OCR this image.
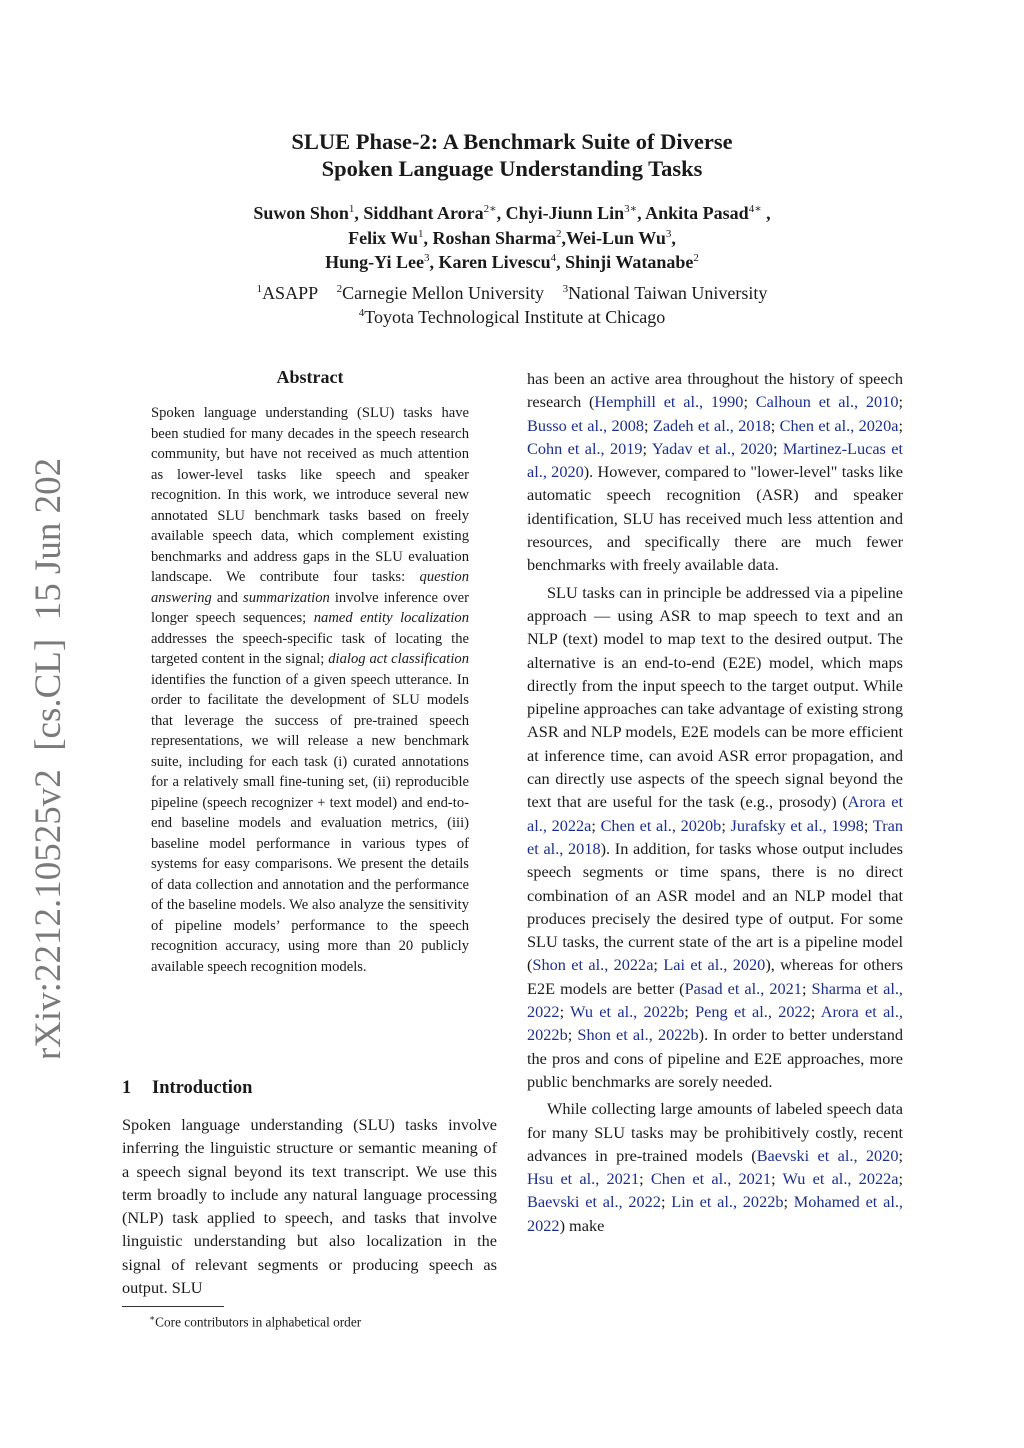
arXiv:2212.10525v2  [cs.CL]  15 Jun 2023
SLUE Phase-2: A Benchmark Suite of Diverse
Spoken Language Understanding Tasks
Suwon Shon$^1$, Siddhant Arora$^{2∗}$, Chyi-Jiunn Lin$^{3∗}$, Ankita Pasad$^{4∗}$ ,
Felix Wu$^1$, Roshan Sharma$^2$,Wei-Lun Wu$^3$,
Hung-Yi Lee$^3$, Karen Livescu$^4$, Shinji Watanabe$^2$
$^1$ASAPP $^2$Carnegie Mellon University $^3$National Taiwan University
$^4$Toyota Technological Institute at Chicago
Abstract
Spoken language understanding (SLU) tasks have been studied for many decades in the speech research community, but have not received as much attention as lower-level tasks like speech and speaker recognition. In this work, we introduce several new annotated SLU benchmark tasks based on freely available speech data, which complement existing benchmarks and address gaps in the SLU evaluation landscape. We contribute four tasks: question answering and summarization involve inference over longer speech sequences; named entity localization addresses the speech-specific task of locating the targeted content in the signal; dialog act classification identifies the function of a given speech utterance. In order to facilitate the development of SLU models that leverage the success of pre-trained speech representations, we will release a new benchmark suite, including for each task (i) curated annotations for a relatively small fine-tuning set, (ii) reproducible pipeline (speech recognizer + text model) and end-to-end baseline models and evaluation metrics, (iii) baseline model performance in various types of systems for easy comparisons. We present the details of data collection and annotation and the performance of the baseline models. We also analyze the sensitivity of pipeline models’ performance to the speech recognition accuracy, using more than 20 publicly available speech recognition models.
1 Introduction
Spoken language understanding (SLU) tasks involve inferring the linguistic structure or semantic meaning of a speech signal beyond its text transcript. We use this term broadly to include any natural language processing (NLP) task applied to speech, and tasks that involve linguistic understanding but also localization in the signal of relevant segments or producing speech as output. SLU
∗Core contributors in alphabetical order

has been an active area throughout the history of speech research (Hemphill et al., 1990; Calhoun et al., 2010; Busso et al., 2008; Zadeh et al., 2018; Chen et al., 2020a; Cohn et al., 2019; Yadav et al., 2020; Martinez-Lucas et al., 2020). However, compared to "lower-level" tasks like automatic speech recognition (ASR) and speaker identification, SLU has received much less attention and resources, and specifically there are much fewer benchmarks with freely available data.

SLU tasks can in principle be addressed via a pipeline approach — using ASR to map speech to text and an NLP (text) model to map text to the desired output. The alternative is an end-to-end (E2E) model, which maps directly from the input speech to the target output. While pipeline approaches can take advantage of existing strong ASR and NLP models, E2E models can be more efficient at inference time, can avoid ASR error propagation, and can directly use aspects of the speech signal beyond the text that are useful for the task (e.g., prosody) (Arora et al., 2022a; Chen et al., 2020b; Jurafsky et al., 1998; Tran et al., 2018). In addition, for tasks whose output includes speech segments or time spans, there is no direct combination of an ASR model and an NLP model that produces precisely the desired type of output. For some SLU tasks, the current state of the art is a pipeline model (Shon et al., 2022a; Lai et al., 2020), whereas for others E2E models are better (Pasad et al., 2021; Sharma et al., 2022; Wu et al., 2022b; Peng et al., 2022; Arora et al., 2022b; Shon et al., 2022b). In order to better understand the pros and cons of pipeline and E2E approaches, more public benchmarks are sorely needed.

While collecting large amounts of labeled speech data for many SLU tasks may be prohibitively costly, recent advances in pre-trained models (Baevski et al., 2020; Hsu et al., 2021; Chen et al., 2021; Wu et al., 2022a; Baevski et al., 2022; Lin et al., 2022b; Mohamed et al., 2022) make
